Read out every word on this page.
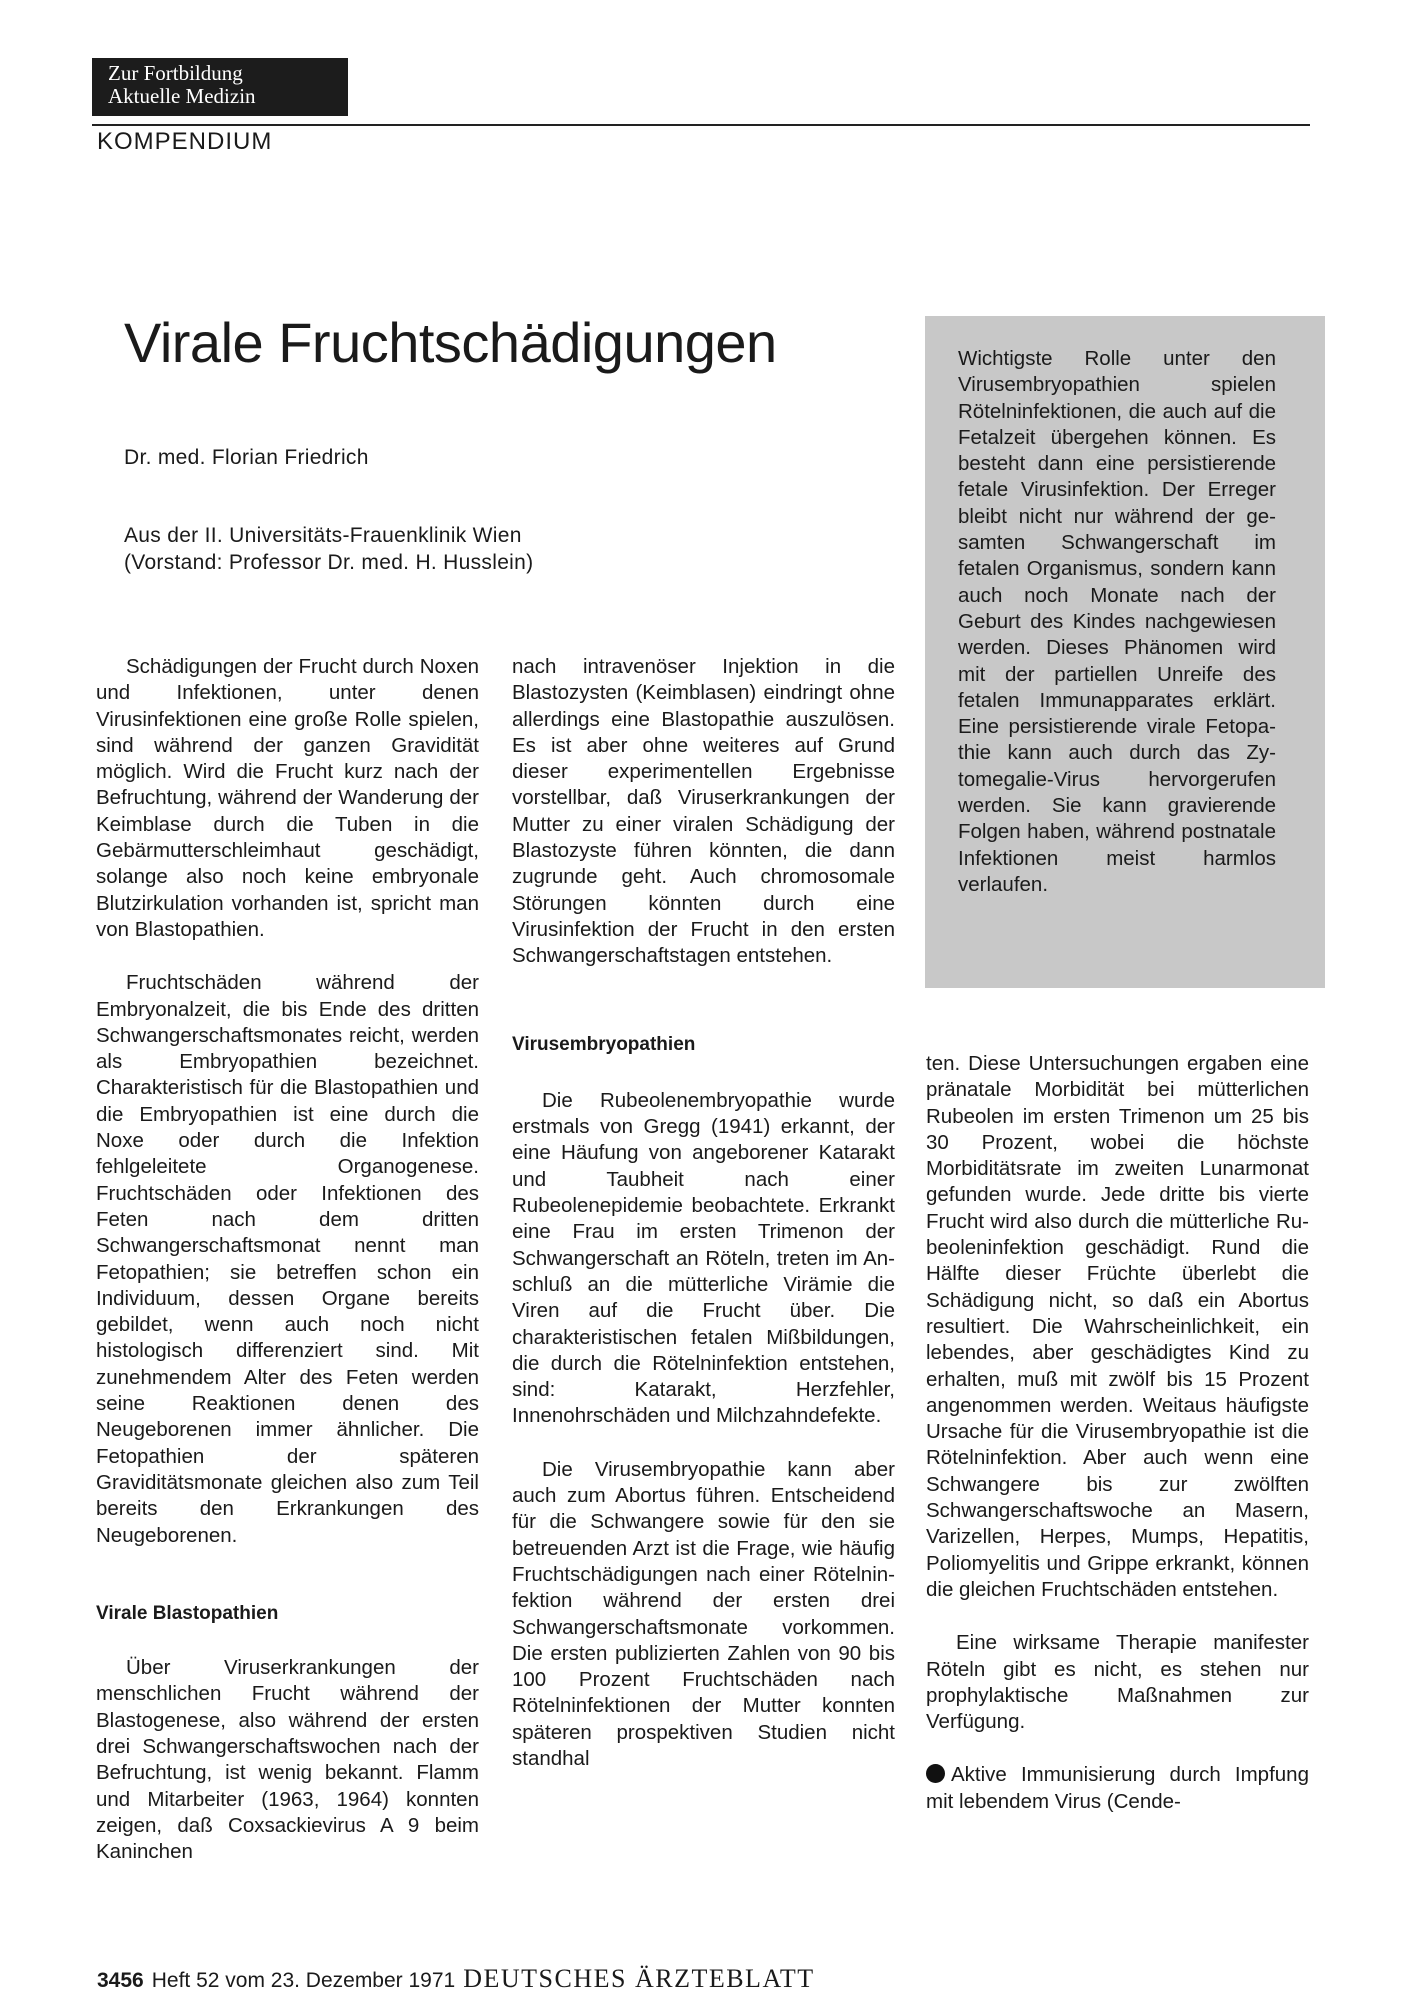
Zur Fortbildung
Aktuelle Medizin
KOMPENDIUM
Virale Fruchtschädigungen
Dr. med. Florian Friedrich
Aus der II. Universitäts-Frauenklinik Wien
(Vorstand: Professor Dr. med. H. Husslein)
Wichtigste Rolle unter den Virusembryopathien spielen Rötelninfektionen, die auch auf die Fetalzeit übergehen können. Es besteht dann eine persistierende fetale Virusinfektion. Der Erreger bleibt nicht nur während der gesamten Schwangerschaft im fetalen Organismus, sondern kann auch noch Monate nach der Geburt des Kindes nachgewiesen werden. Dieses Phänomen wird mit der partiellen Unreife des fetalen Immunapparates erklärt. Eine persistierende virale Fetopathie kann auch durch das Zytomegalie-Virus hervorgerufen werden. Sie kann gravierende Folgen haben, während postnatale Infektionen meist harmlos verlaufen.

Schädigungen der Frucht durch Noxen und Infektionen, unter denen Virusinfektionen eine große Rolle spielen, sind während der ganzen Gravidität möglich. Wird die Frucht kurz nach der Befruchtung, während der Wanderung der Keimblase durch die Tuben in die Gebärmutterschleimhaut geschädigt, solange also noch keine embryonale Blutzirkulation vorhanden ist, spricht man von Blastopathien.

Fruchtschäden während der Embryonalzeit, die bis Ende des dritten Schwangerschaftsmonates reicht, werden als Embryopathien bezeichnet. Charakteristisch für die Blastopathien und die Embryopathien ist eine durch die Noxe oder durch die Infektion fehlgeleitete Organogenese. Fruchtschäden oder Infektionen des Feten nach dem dritten Schwangerschaftsmonat nennt man Fetopathien; sie betreffen schon ein Individuum, dessen Organe bereits gebildet, wenn auch noch nicht histologisch differenziert sind. Mit zunehmendem Alter des Feten werden seine Reaktionen denen des Neugeborenen immer ähnlicher. Die Fetopathien der späteren Graviditätsmonate gleichen also zum Teil bereits den Erkrankungen des Neugeborenen.

Virale Blastopathien

Über Viruserkrankungen der menschlichen Frucht während der Blastogenese, also während der ersten drei Schwangerschaftswochen nach der Befruchtung, ist wenig bekannt. Flamm und Mitarbeiter (1963, 1964) konnten zeigen, daß Coxsackievirus A 9 beim Kaninchen

nach intravenöser Injektion in die Blastozysten (Keimblasen) eindringt ohne allerdings eine Blastopathie auszulösen. Es ist aber ohne weiteres auf Grund dieser experimentellen Ergebnisse vorstellbar, daß Viruserkrankungen der Mutter zu einer viralen Schädigung der Blastozyste führen könnten, die dann zugrunde geht. Auch chromosomale Störungen könnten durch eine Virusinfektion der Frucht in den ersten Schwangerschaftstagen entstehen.

Virusembryopathien

Die Rubeolenembryopathie wurde erstmals von Gregg (1941) erkannt, der eine Häufung von angeborener Katarakt und Taubheit nach einer Rubeolenepidemie beobachtete. Erkrankt eine Frau im ersten Trimenon der Schwangerschaft an Röteln, treten im Anschluß an die mütterliche Virämie die Viren auf die Frucht über. Die charakteristischen fetalen Mißbildungen, die durch die Rötelninfektion entstehen, sind: Katarakt, Herzfehler, Innenohrschäden und Milchzahndefekte.

Die Virusembryopathie kann aber auch zum Abortus führen. Entscheidend für die Schwangere sowie für den sie betreuenden Arzt ist die Frage, wie häufig Fruchtschädigungen nach einer Rötelninfektion während der ersten drei Schwangerschaftsmonate vorkommen. Die ersten publizierten Zahlen von 90 bis 100 Prozent Fruchtschäden nach Rötelninfektionen der Mutter konnten späteren prospektiven Studien nicht standhal

ten. Diese Untersuchungen ergaben eine pränatale Morbidität bei mütterlichen Rubeolen im ersten Trimenon um 25 bis 30 Prozent, wobei die höchste Morbiditätsrate im zweiten Lunarmonat gefunden wurde. Jede dritte bis vierte Frucht wird also durch die mütterliche Rubeoleninfektion geschädigt. Rund die Hälfte dieser Früchte überlebt die Schädigung nicht, so daß ein Abortus resultiert. Die Wahrscheinlichkeit, ein lebendes, aber geschädigtes Kind zu erhalten, muß mit zwölf bis 15 Prozent angenommen werden. Weitaus häufigste Ursache für die Virusembryopathie ist die Rötelninfektion. Aber auch wenn eine Schwangere bis zur zwölften Schwangerschaftswoche an Masern, Varizellen, Herpes, Mumps, Hepatitis, Poliomyelitis und Grippe erkrankt, können die gleichen Fruchtschäden entstehen.

Eine wirksame Therapie manifester Röteln gibt es nicht, es stehen nur prophylaktische Maßnahmen zur Verfügung.

Aktive Immunisierung durch Impfung mit lebendem Virus (Cende-

3456 Heft 52 vom 23. Dezember 1971 DEUTSCHES ÄRZTEBLATT
